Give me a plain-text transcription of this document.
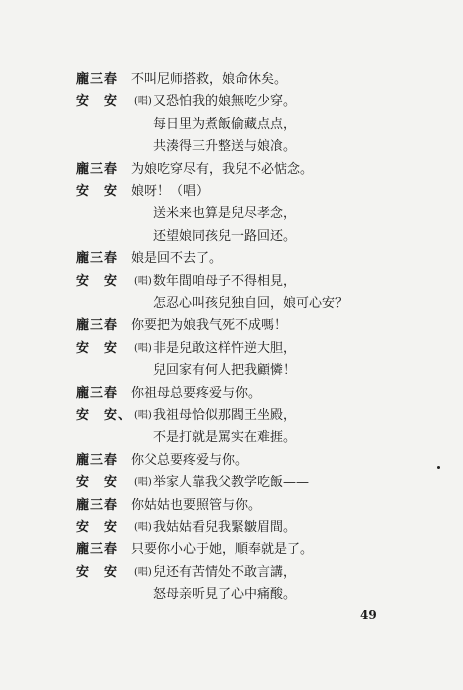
龐三春 不叫尼师搭救，娘命休矣。
安　安	(唱) 又恐怕我的娘無吃少穿。
每日里为煮飯偷藏点点，
共湊得三升整送与娘飡。
龐三春 为娘吃穿尽有，我兒不必惦念。
安　安 娘呀！（唱）
送米来也算是兒尽孝念，
还望娘同孩兒一路回还。
龐三春 娘是回不去了。
安　安	(唱) 数年間咱母子不得相見，
怎忍心叫孩兒独自回，娘可心安？
龐三春 你要把为娘我气死不成嗎！
安　安	(唱) 非是兒敢这样忤逆大胆，
兒回家有何人把我顧憐！
龐三春 你祖母总要疼爱与你。
安　安、 (唱) 我祖母恰似那閻王坐殿，
不是打就是罵实在难捱。
龐三春 你父总要疼爱与你。
安　安	(唱) 举家人靠我父教学吃飯——
龐三春 你姑姑也要照管与你。
安　安	(唱) 我姑姑看兒我緊皺眉間。
龐三春 只要你小心于她，順奉就是了。
安　安	(唱) 兒还有苦情处不敢言講，
怒母亲听見了心中痛酸。
49
